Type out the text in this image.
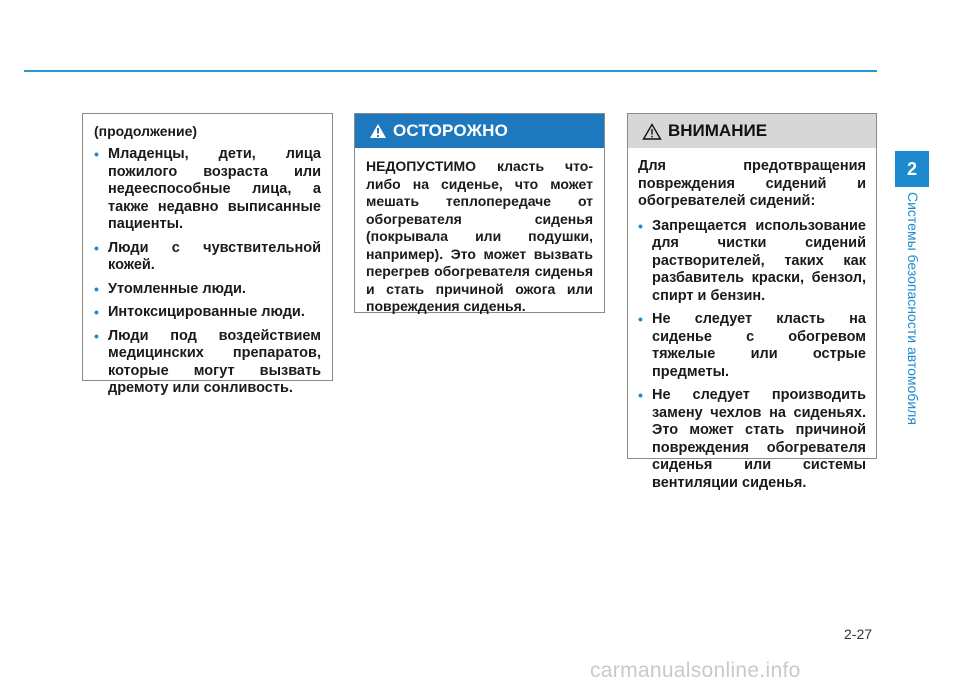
(продолжение)
• Младенцы, дети, лица пожилого возраста или недееспособные лица, а также недавно выписанные пациенты.
• Люди с чувствительной кожей.
• Утомленные люди.
• Интоксицированные люди.
• Люди под воздействием медицинских препаратов, которые могут вызвать дремоту или сонливость.
ОСТОРОЖНО
НЕДОПУСТИМО класть что-либо на сиденье, что может мешать теплопередаче от обогревателя сиденья (покрывала или подушки, например). Это может вызвать перегрев обогревателя сиденья и стать причиной ожога или повреждения сиденья.
ВНИМАНИЕ
Для предотвращения повреждения сидений и обогревателей сидений:
• Запрещается использование для чистки сидений растворителей, таких как разбавитель краски, бензол, спирт и бензин.
• Не следует класть на сиденье с обогревом тяжелые или острые предметы.
• Не следует производить замену чехлов на сиденьях. Это может стать причиной повреждения обогревателя сиденья или системы вентиляции сиденья.
2
Системы безопасности автомобиля
2-27
carmanualsonline.info
